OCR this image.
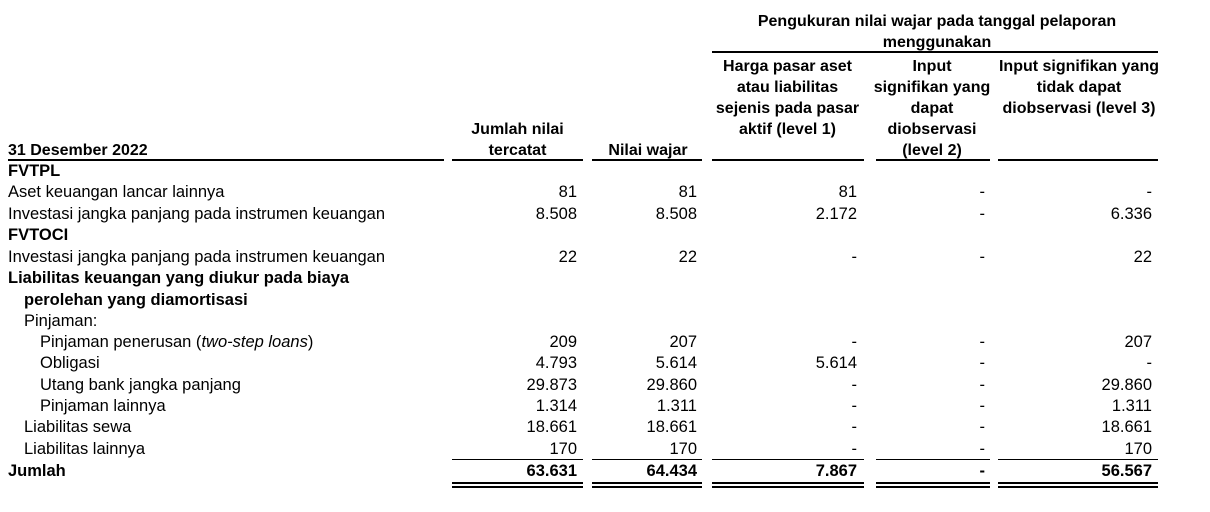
Pengukuran nilai wajar pada tanggal pelaporan menggunakan
Harga pasar aset atau liabilitas sejenis pada pasar aktif (level 1)
Input signifikan yang dapat diobservasi (level 2)
Input signifikan yang tidak dapat diobservasi (level 3)
Jumlah nilai tercatat	Nilai wajar
31 Desember 2022
FVTPL
Aset keuangan lancar lainnya	81	81	81	-	-
Investasi jangka panjang pada instrumen keuangan	8.508	8.508	2.172	-	6.336
FVTOCI
Investasi jangka panjang pada instrumen keuangan	22	22	-	-	22
Liabilitas keuangan yang diukur pada biaya
perolehan yang diamortisasi
Pinjaman:
Pinjaman penerusan (two-step loans)	209	207	-	-	207
Obligasi	4.793	5.614	5.614	-	-
Utang bank jangka panjang	29.873	29.860	-	-	29.860
Pinjaman lainnya	1.314	1.311	-	-	1.311
Liabilitas sewa	18.661	18.661	-	-	18.661
Liabilitas lainnya	170	170	-	-	170
Jumlah	63.631	64.434	7.867	-	56.567
